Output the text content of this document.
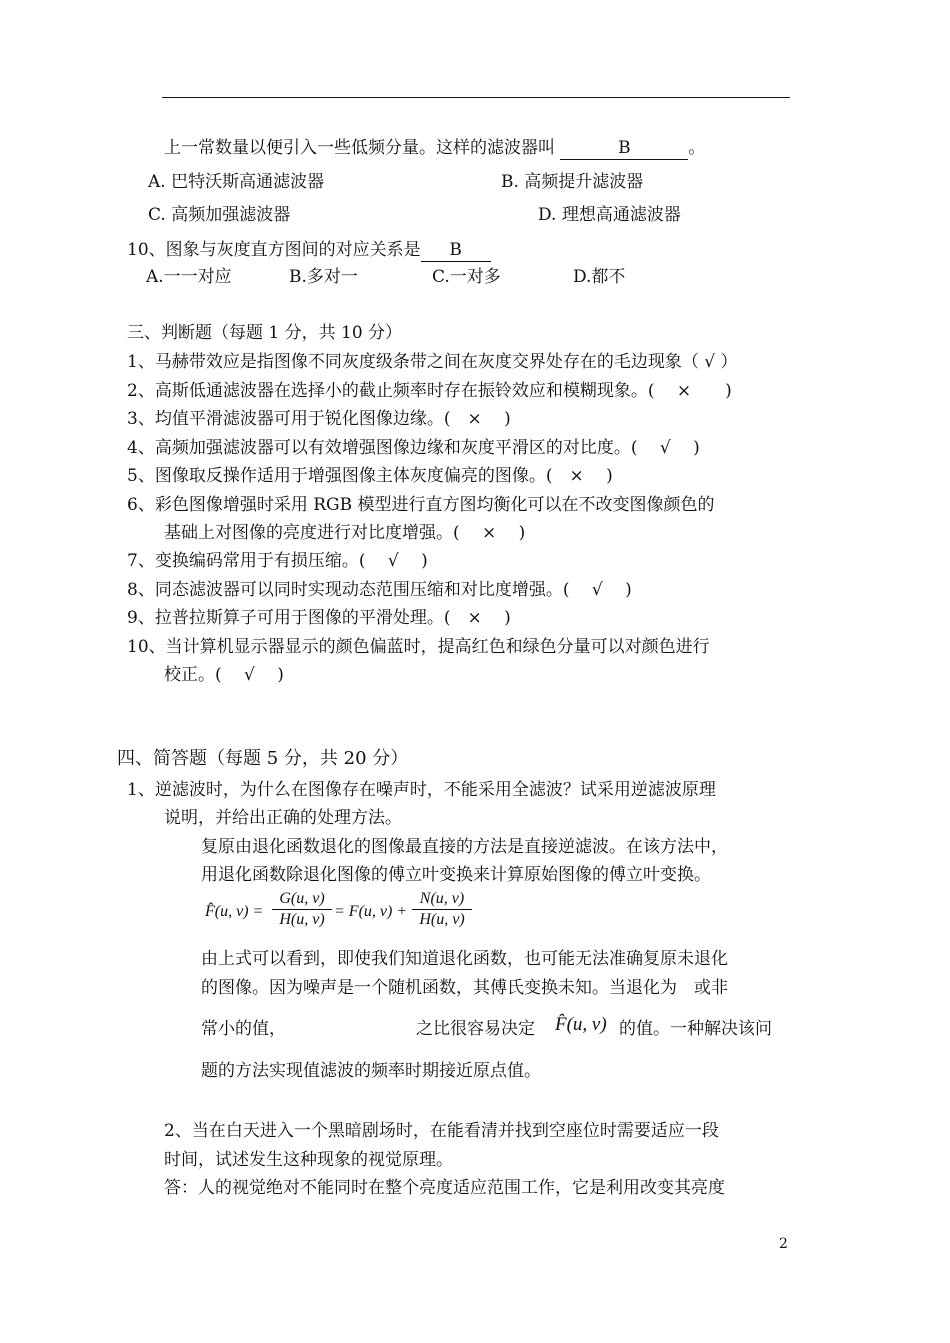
上一常数量以便引入一些低频分量。这样的滤波器叫	B	。
A. 巴特沃斯高通滤波器	B. 高频提升滤波器
C. 高频加强滤波器	D. 理想高通滤波器
10、图象与灰度直方图间的对应关系是 B
A.一一对应	B.多对一	C.一对多	D.都不
三、判断题（每题 1 分，共 10 分）
1、马赫带效应是指图像不同灰度级条带之间在灰度交界处存在的毛边现象（ √ ）
2、高斯低通滤波器在选择小的截止频率时存在振铃效应和模糊现象。(　 ×　　)
3、均值平滑滤波器可用于锐化图像边缘。(　×　 )
4、高频加强滤波器可以有效增强图像边缘和灰度平滑区的对比度。(　 √　 )
5、图像取反操作适用于增强图像主体灰度偏亮的图像。(　×　 )
6、彩色图像增强时采用 RGB 模型进行直方图均衡化可以在不改变图像颜色的
基础上对图像的亮度进行对比度增强。(　 ×　 )
7、变换编码常用于有损压缩。(　 √　 )
8、同态滤波器可以同时实现动态范围压缩和对比度增强。(　 √　 )
9、拉普拉斯算子可用于图像的平滑处理。(　×　 )
10、当计算机显示器显示的颜色偏蓝时，提高红色和绿色分量可以对颜色进行
校正。(　 √　 )
四、简答题（每题 5 分，共 20 分）
1、逆滤波时，为什么在图像存在噪声时，不能采用全滤波？试采用逆滤波原理
说明，并给出正确的处理方法。
复原由退化函数退化的图像最直接的方法是直接逆滤波。在该方法中，
用退化函数除退化图像的傅立叶变换来计算原始图像的傅立叶变换。
F̂(u, v) =
G(u, v)
H(u, v) = F(u, v) +
N(u, v)
H(u, v)
由上式可以看到，即使我们知道退化函数，也可能无法准确复原未退化
的图像。因为噪声是一个随机函数，其傅氏变换未知。当退化为　或非
常小的值，	之比很容易决定 F̂(u, v) 的值。一种解决该问
题的方法实现值滤波的频率时期接近原点值。
2、当在白天进入一个黑暗剧场时，在能看清并找到空座位时需要适应一段
时间，试述发生这种现象的视觉原理。
答：人的视觉绝对不能同时在整个亮度适应范围工作，它是利用改变其亮度
2
